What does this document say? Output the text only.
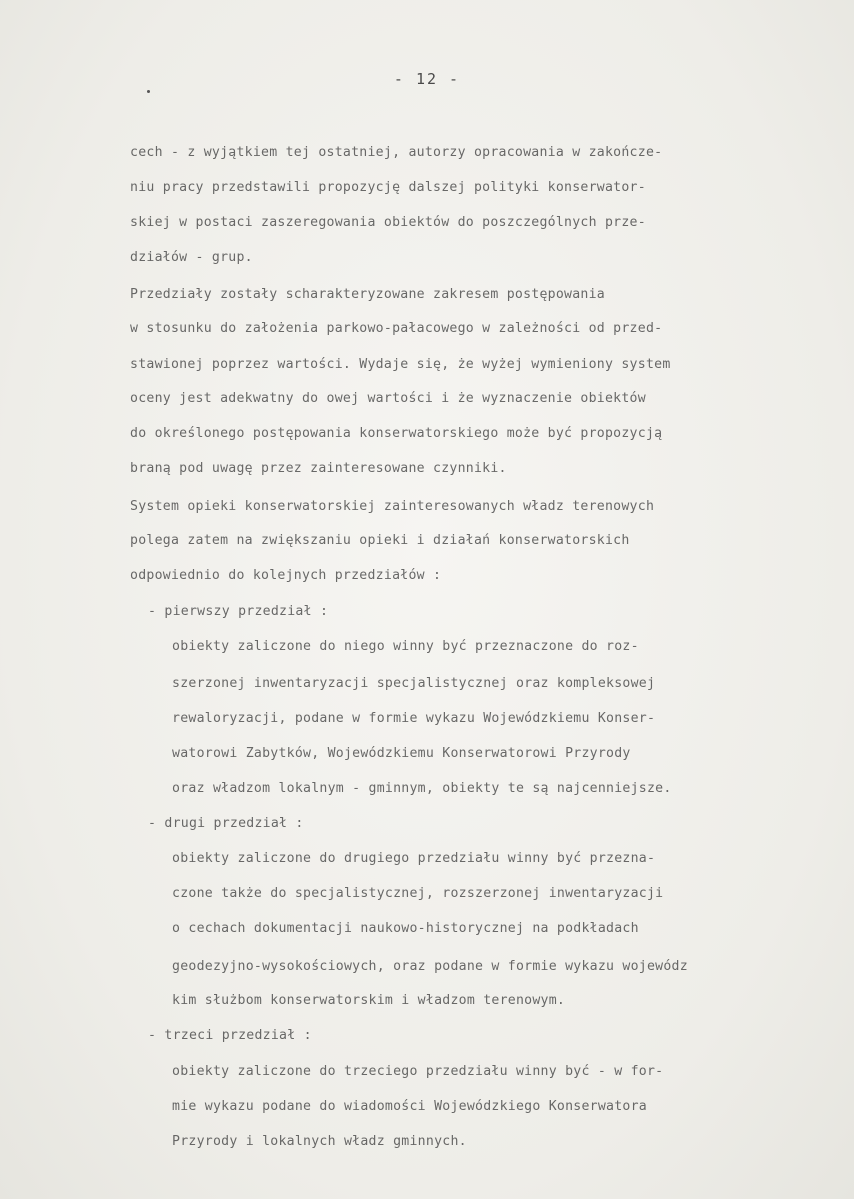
- 12 -
cech - z wyjątkiem tej ostatniej, autorzy opracowania w zakończe-
niu pracy przedstawili propozycję dalszej polityki konserwator-
skiej w postaci zaszeregowania obiektów do poszczególnych prze-
działów - grup.
Przedziały zostały scharakteryzowane zakresem postępowania
w stosunku do założenia parkowo-pałacowego w zależności od przed-
stawionej poprzez wartości. Wydaje się, że wyżej wymieniony system
oceny jest adekwatny do owej wartości i że wyznaczenie obiektów
do określonego postępowania konserwatorskiego może być propozycją
braną pod uwagę przez zainteresowane czynniki.
System opieki konserwatorskiej zainteresowanych władz terenowych
polega zatem na zwiększaniu opieki i działań konserwatorskich
odpowiednio do kolejnych przedziałów :
- pierwszy przedział :
obiekty zaliczone do niego winny być przeznaczone do roz-
szerzonej inwentaryzacji specjalistycznej oraz kompleksowej
rewaloryzacji, podane w formie wykazu Wojewódzkiemu Konser-
watorowi Zabytków, Wojewódzkiemu Konserwatorowi Przyrody
oraz władzom lokalnym - gminnym, obiekty te są najcenniejsze.
- drugi przedział :
obiekty zaliczone do drugiego przedziału winny być przezna-
czone także do specjalistycznej, rozszerzonej inwentaryzacji
o cechach dokumentacji naukowo-historycznej na podkładach
geodezyjno-wysokościowych, oraz podane w formie wykazu wojewódz
kim służbom konserwatorskim i władzom terenowym.
- trzeci przedział :
obiekty zaliczone do trzeciego przedziału winny być - w for-
mie wykazu podane do wiadomości Wojewódzkiego Konserwatora
Przyrody i lokalnych władz gminnych.
